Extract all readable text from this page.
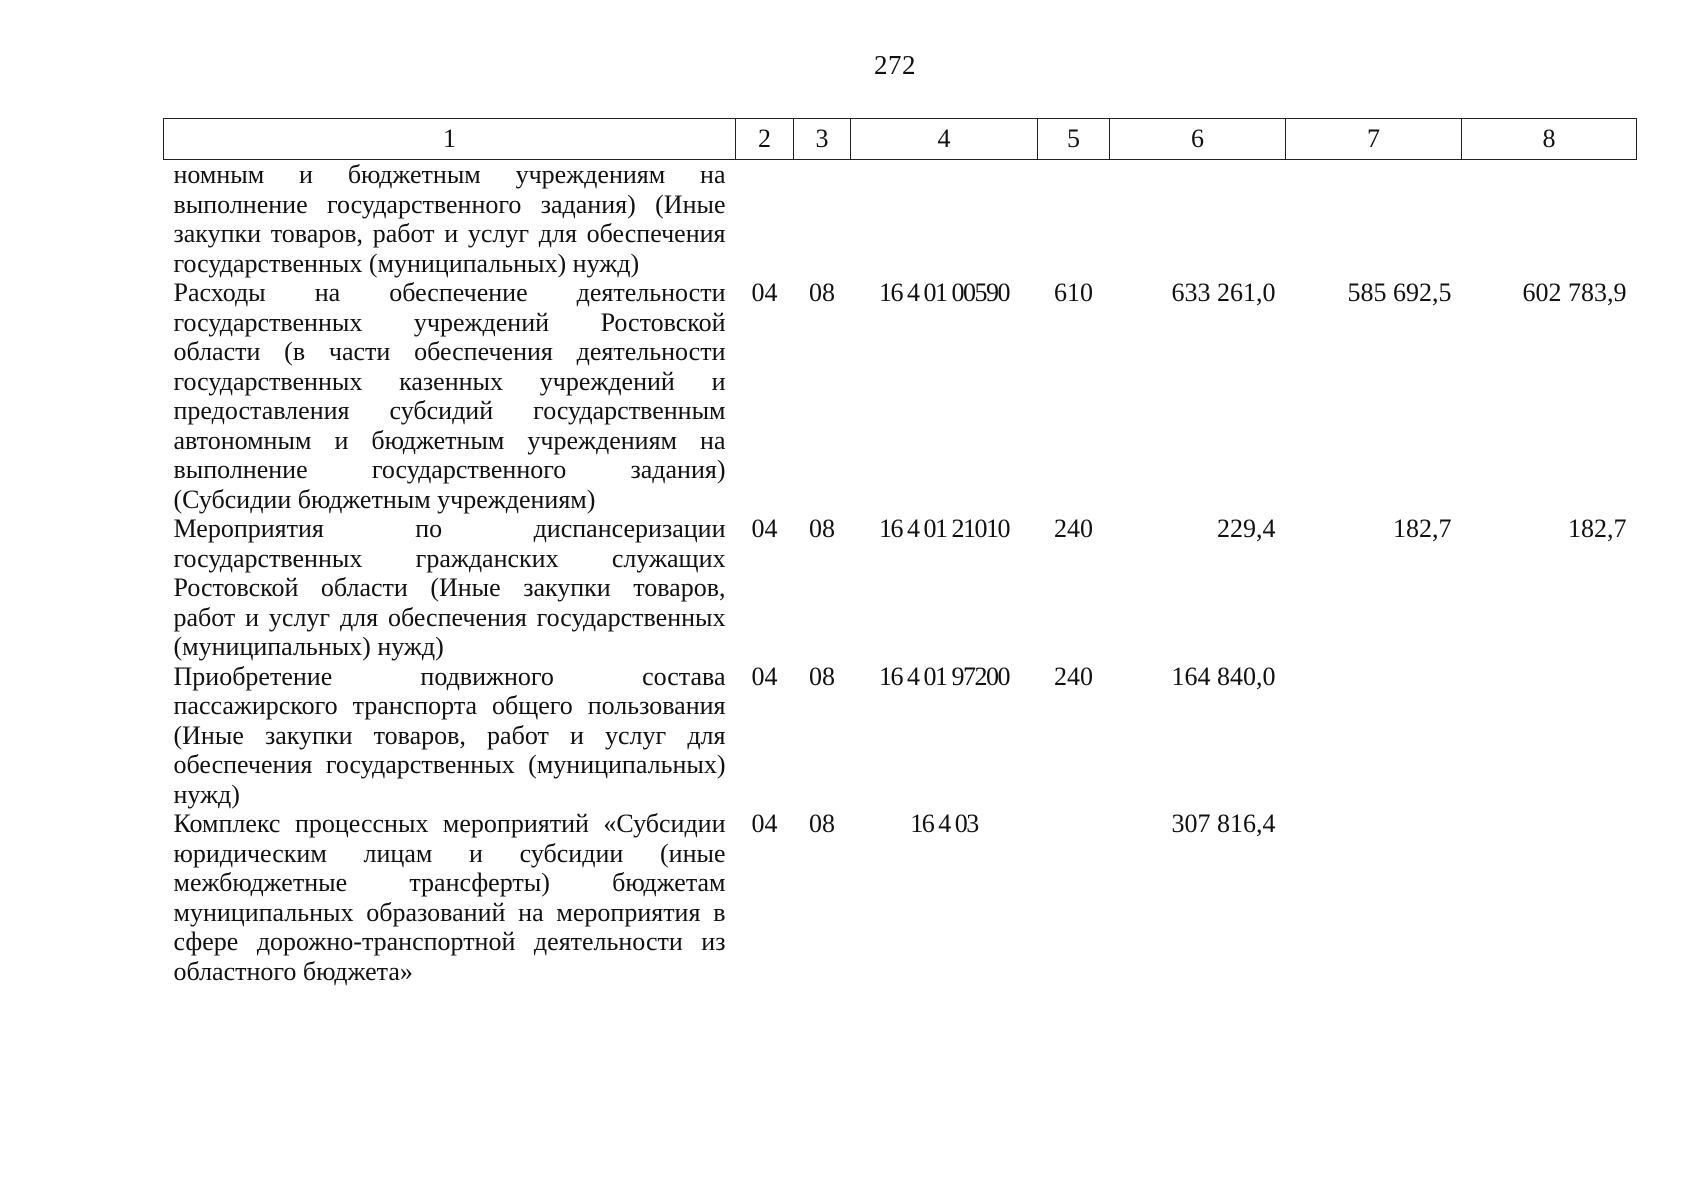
272
1	2	3	4	5	6	7	8
номным и бюджетным учреждениям на выполнение государственного задания) (Иные закупки товаров, работ и услуг для обеспечения государственных (муниципальных) нужд)							
Расходы на обеспечение деятельности государственных учреждений Ростовской области (в части обеспечения деятельности государственных казенных учреждений и предоставления субсидий государственным автономным и бюджетным учреждениям на выполнение государственного задания) (Субсидии бюджетным учреждениям)	04	08	16 4 01 00590	610	633 261,0	585 692,5	602 783,9
Мероприятия по диспансеризации государственных гражданских служащих Ростовской области (Иные закупки товаров, работ и услуг для обеспечения государственных (муниципальных) нужд)	04	08	16 4 01 21010	240	229,4	182,7	182,7
Приобретение подвижного состава пассажирского транспорта общего пользования (Иные закупки товаров, работ и услуг для обеспечения государственных (муниципальных) нужд)	04	08	16 4 01 97200	240	164 840,0		
Комплекс процессных мероприятий «Субсидии юридическим лицам и субсидии (иные межбюджетные трансферты) бюджетам муниципальных образований на мероприятия в сфере дорожно-транспортной деятельности из областного бюджета»	04	08	16 4 03		307 816,4		
